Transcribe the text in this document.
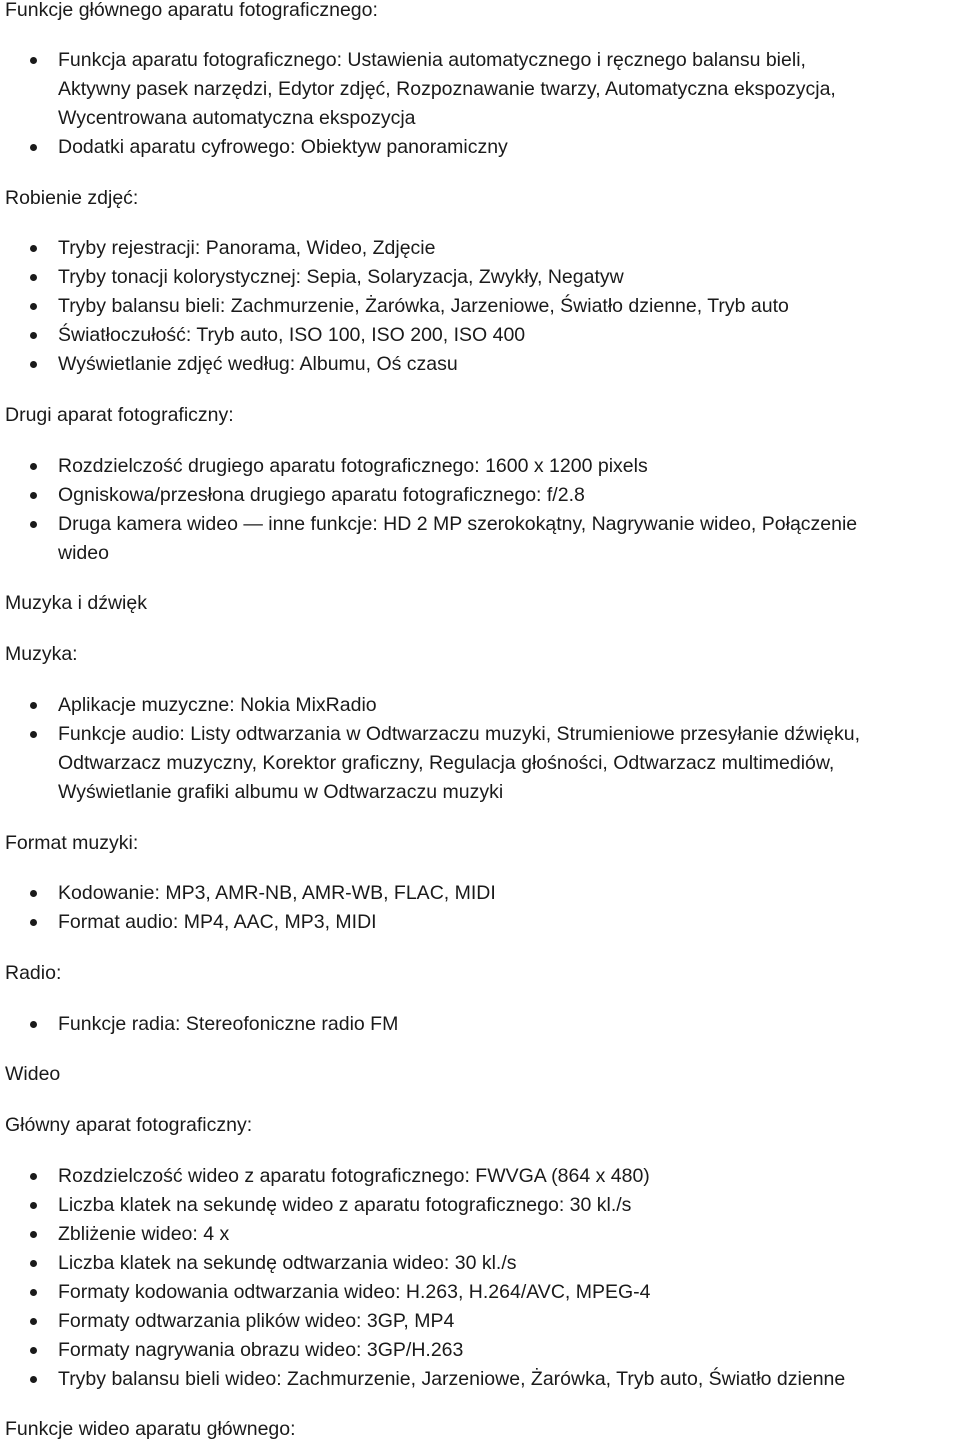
Funkcje głównego aparatu fotograficznego:
Funkcja aparatu fotograficznego: Ustawienia automatycznego i ręcznego balansu bieli,
Aktywny pasek narzędzi, Edytor zdjęć, Rozpoznawanie twarzy, Automatyczna ekspozycja,
Wycentrowana automatyczna ekspozycja
Dodatki aparatu cyfrowego: Obiektyw panoramiczny
Robienie zdjęć:
Tryby rejestracji: Panorama, Wideo, Zdjęcie
Tryby tonacji kolorystycznej: Sepia, Solaryzacja, Zwykły, Negatyw
Tryby balansu bieli: Zachmurzenie, Żarówka, Jarzeniowe, Światło dzienne, Tryb auto
Światłoczułość: Tryb auto, ISO 100, ISO 200, ISO 400
Wyświetlanie zdjęć według: Albumu, Oś czasu
Drugi aparat fotograficzny:
Rozdzielczość drugiego aparatu fotograficznego: 1600 x 1200 pixels
Ogniskowa/przesłona drugiego aparatu fotograficznego: f/2.8
Druga kamera wideo — inne funkcje: HD 2 MP szerokokątny, Nagrywanie wideo, Połączenie
wideo
Muzyka i dźwięk
Muzyka:
Aplikacje muzyczne: Nokia MixRadio
Funkcje audio: Listy odtwarzania w Odtwarzaczu muzyki, Strumieniowe przesyłanie dźwięku,
Odtwarzacz muzyczny, Korektor graficzny, Regulacja głośności, Odtwarzacz multimediów,
Wyświetlanie grafiki albumu w Odtwarzaczu muzyki
Format muzyki:
Kodowanie: MP3, AMR-NB, AMR-WB, FLAC, MIDI
Format audio: MP4, AAC, MP3, MIDI
Radio:
Funkcje radia: Stereofoniczne radio FM
Wideo
Główny aparat fotograficzny:
Rozdzielczość wideo z aparatu fotograficznego: FWVGA (864 x 480)
Liczba klatek na sekundę wideo z aparatu fotograficznego: 30 kl./s
Zbliżenie wideo: 4 x
Liczba klatek na sekundę odtwarzania wideo: 30 kl./s
Formaty kodowania odtwarzania wideo: H.263, H.264/AVC, MPEG-4
Formaty odtwarzania plików wideo: 3GP, MP4
Formaty nagrywania obrazu wideo: 3GP/H.263
Tryby balansu bieli wideo: Zachmurzenie, Jarzeniowe, Żarówka, Tryb auto, Światło dzienne
Funkcje wideo aparatu głównego:
